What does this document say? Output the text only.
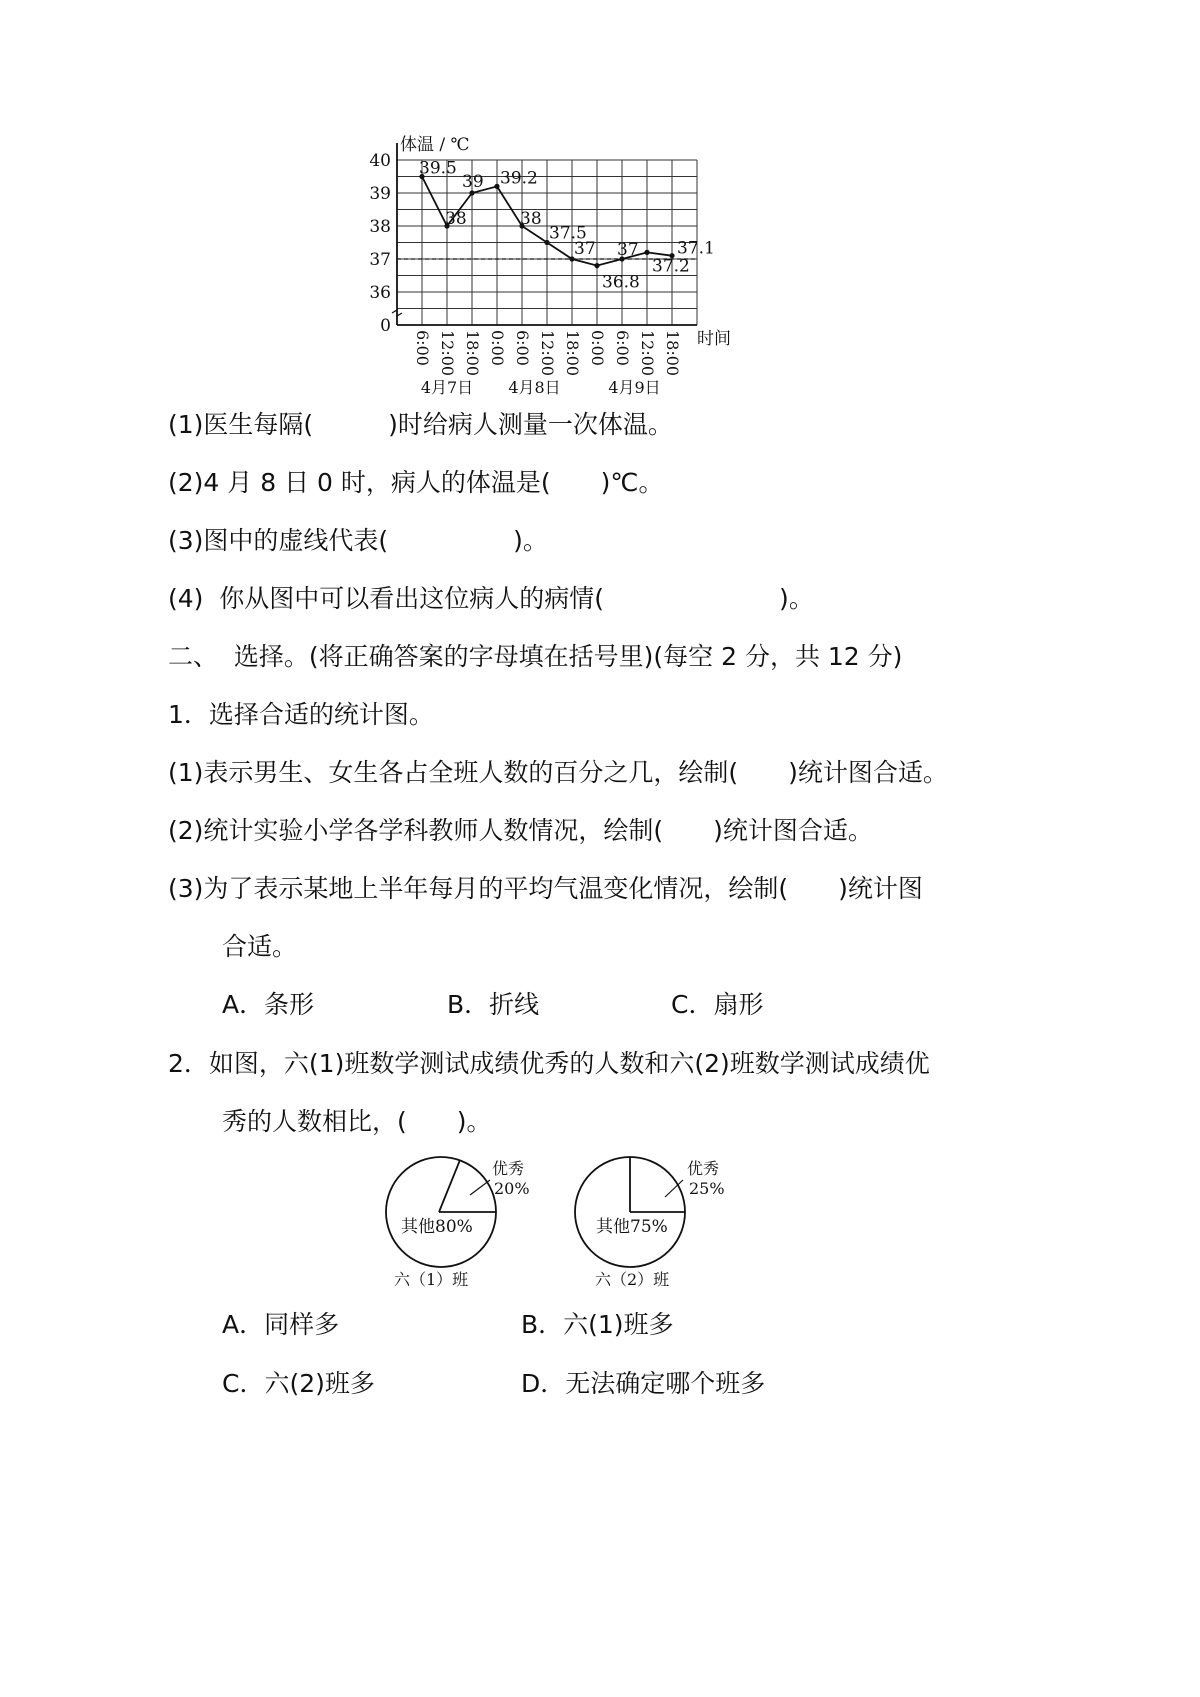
体温 / ℃
时间
40
39
38
37
36
0
6:00 12:00 18:00 0:00 6:00 12:00 18:00 0:00 6:00 12:00 18:00
4月7日 4月8日	4月9日
39.5
38
39 39.2
38
37.5
37
36.8
37
37.2
37.1
(1)医生每隔(　　　)时给病人测量一次体温。
(2)4 月 8 日 0 时，病人的体温是(　　)℃。
(3)图中的虚线代表(　　　　　)。
(4)  你从图中可以看出这位病人的病情(　　　　　　　)。
二、  选择。(将正确答案的字母填在括号里)(每空 2 分，共 12 分)
1．选择合适的统计图。
(1)表示男生、女生各占全班人数的百分之几，绘制(　　)统计图合适。
(2)统计实验小学各学科教师人数情况，绘制(　　)统计图合适。
(3)为了表示某地上半年每月的平均气温变化情况，绘制(　　)统计图
合适。
A．条形	B．折线	C．扇形
2．如图，六(1)班数学测试成绩优秀的人数和六(2)班数学测试成绩优
秀的人数相比，(　　)。
优秀
20%
其他80%
六（1）班
优秀
25%
其他75%
六（2）班
A．同样多	B．六(1)班多
C．六(2)班多	D．无法确定哪个班多
